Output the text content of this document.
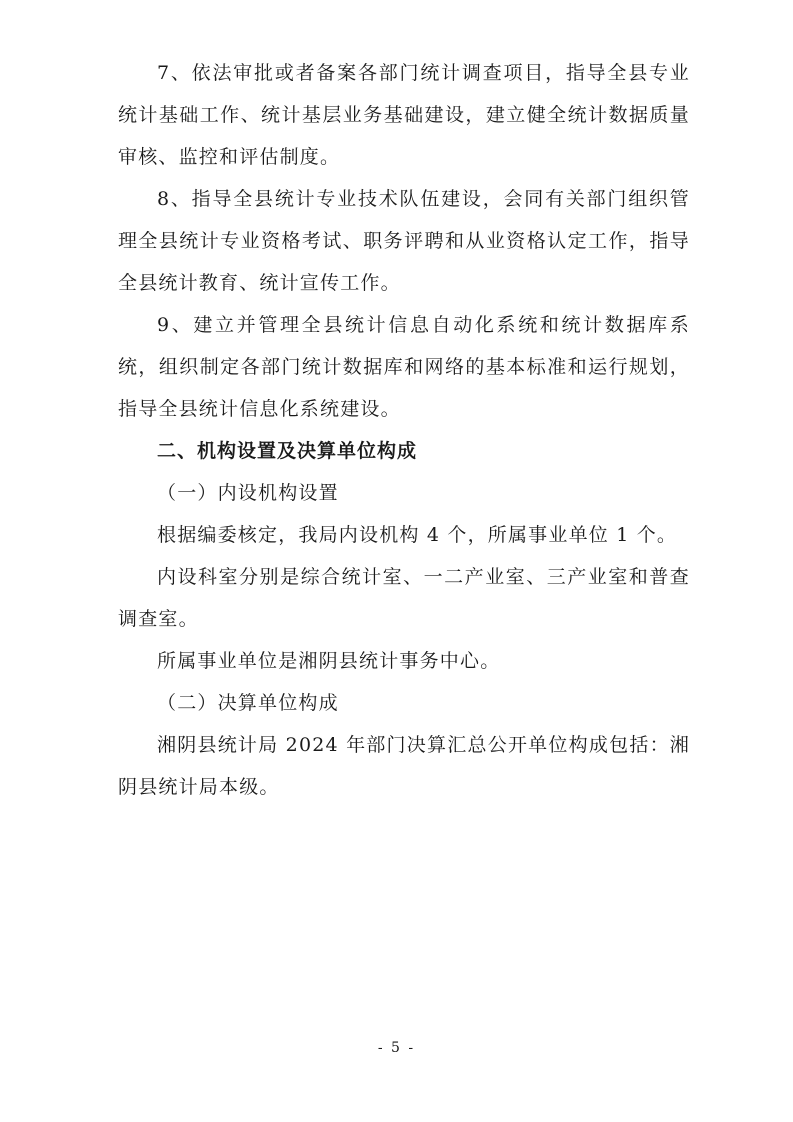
7、依法审批或者备案各部门统计调查项目，指导全县专业统计基础工作、统计基层业务基础建设，建立健全统计数据质量审核、监控和评估制度。

8、指导全县统计专业技术队伍建设，会同有关部门组织管理全县统计专业资格考试、职务评聘和从业资格认定工作，指导全县统计教育、统计宣传工作。

9、建立并管理全县统计信息自动化系统和统计数据库系统，组织制定各部门统计数据库和网络的基本标准和运行规划，指导全县统计信息化系统建设。

二、机构设置及决算单位构成

（一）内设机构设置

根据编委核定，我局内设机构 4 个，所属事业单位 1 个。

内设科室分别是综合统计室、一二产业室、三产业室和普查调查室。

所属事业单位是湘阴县统计事务中心。

（二）决算单位构成

湘阴县统计局 2024 年部门决算汇总公开单位构成包括：湘阴县统计局本级。

- 5 -
